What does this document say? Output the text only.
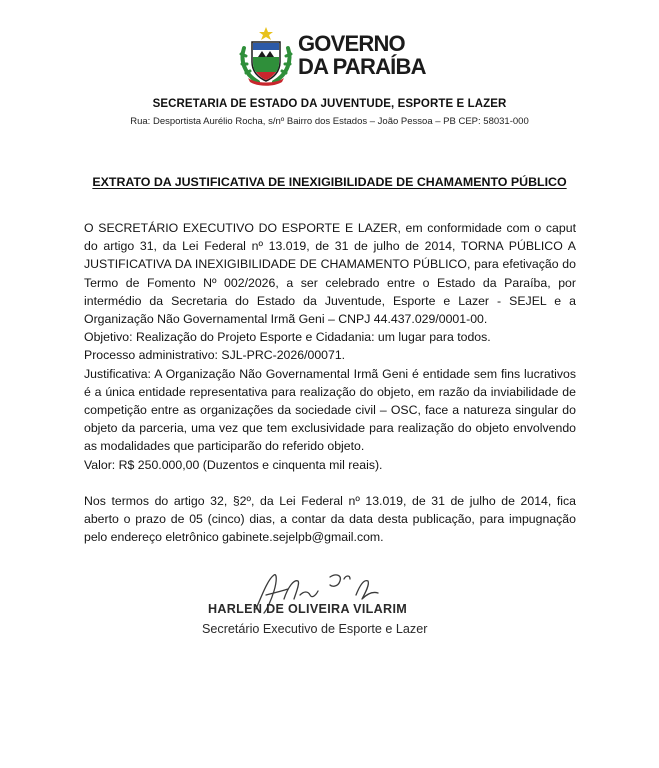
GOVERNO
DA PARAÍBA
SECRETARIA DE ESTADO DA JUVENTUDE, ESPORTE E LAZER
Rua: Desportista Aurélio Rocha, s/nº Bairro dos Estados – João Pessoa – PB CEP: 58031-000
EXTRATO DA JUSTIFICATIVA DE INEXIGIBILIDADE DE CHAMAMENTO PÚBLICO

O SECRETÁRIO EXECUTIVO DO ESPORTE E LAZER, em conformidade com o caput do artigo 31, da Lei Federal nº 13.019, de 31 de julho de 2014, TORNA PÚBLICO A JUSTIFICATIVA DA INEXIGIBILIDADE DE CHAMAMENTO PÚBLICO, para efetivação do Termo de Fomento Nº 002/2026, a ser celebrado entre o Estado da Paraíba, por intermédio da Secretaria do Estado da Juventude, Esporte e Lazer - SEJEL e a Organização Não Governamental Irmã Geni – CNPJ 44.437.029/0001-00.

Objetivo: Realização do Projeto Esporte e Cidadania: um lugar para todos.

Processo administrativo: SJL-PRC-2026/00071.

Justificativa: A Organização Não Governamental Irmã Geni é entidade sem fins lucrativos é a única entidade representativa para realização do objeto, em razão da inviabilidade de competição entre as organizações da sociedade civil – OSC, face a natureza singular do objeto da parceria, uma vez que tem exclusividade para realização do objeto envolvendo as modalidades que participarão do referido objeto.

Valor: R$ 250.000,00 (Duzentos e cinquenta mil reais).

Nos termos do artigo 32, §2º, da Lei Federal nº 13.019, de 31 de julho de 2014, fica aberto o prazo de 05 (cinco) dias, a contar da data desta publicação, para impugnação pelo endereço eletrônico gabinete.sejelpb@gmail.com.

HARLEN DE OLIVEIRA VILARIM
Secretário Executivo de Esporte e Lazer
